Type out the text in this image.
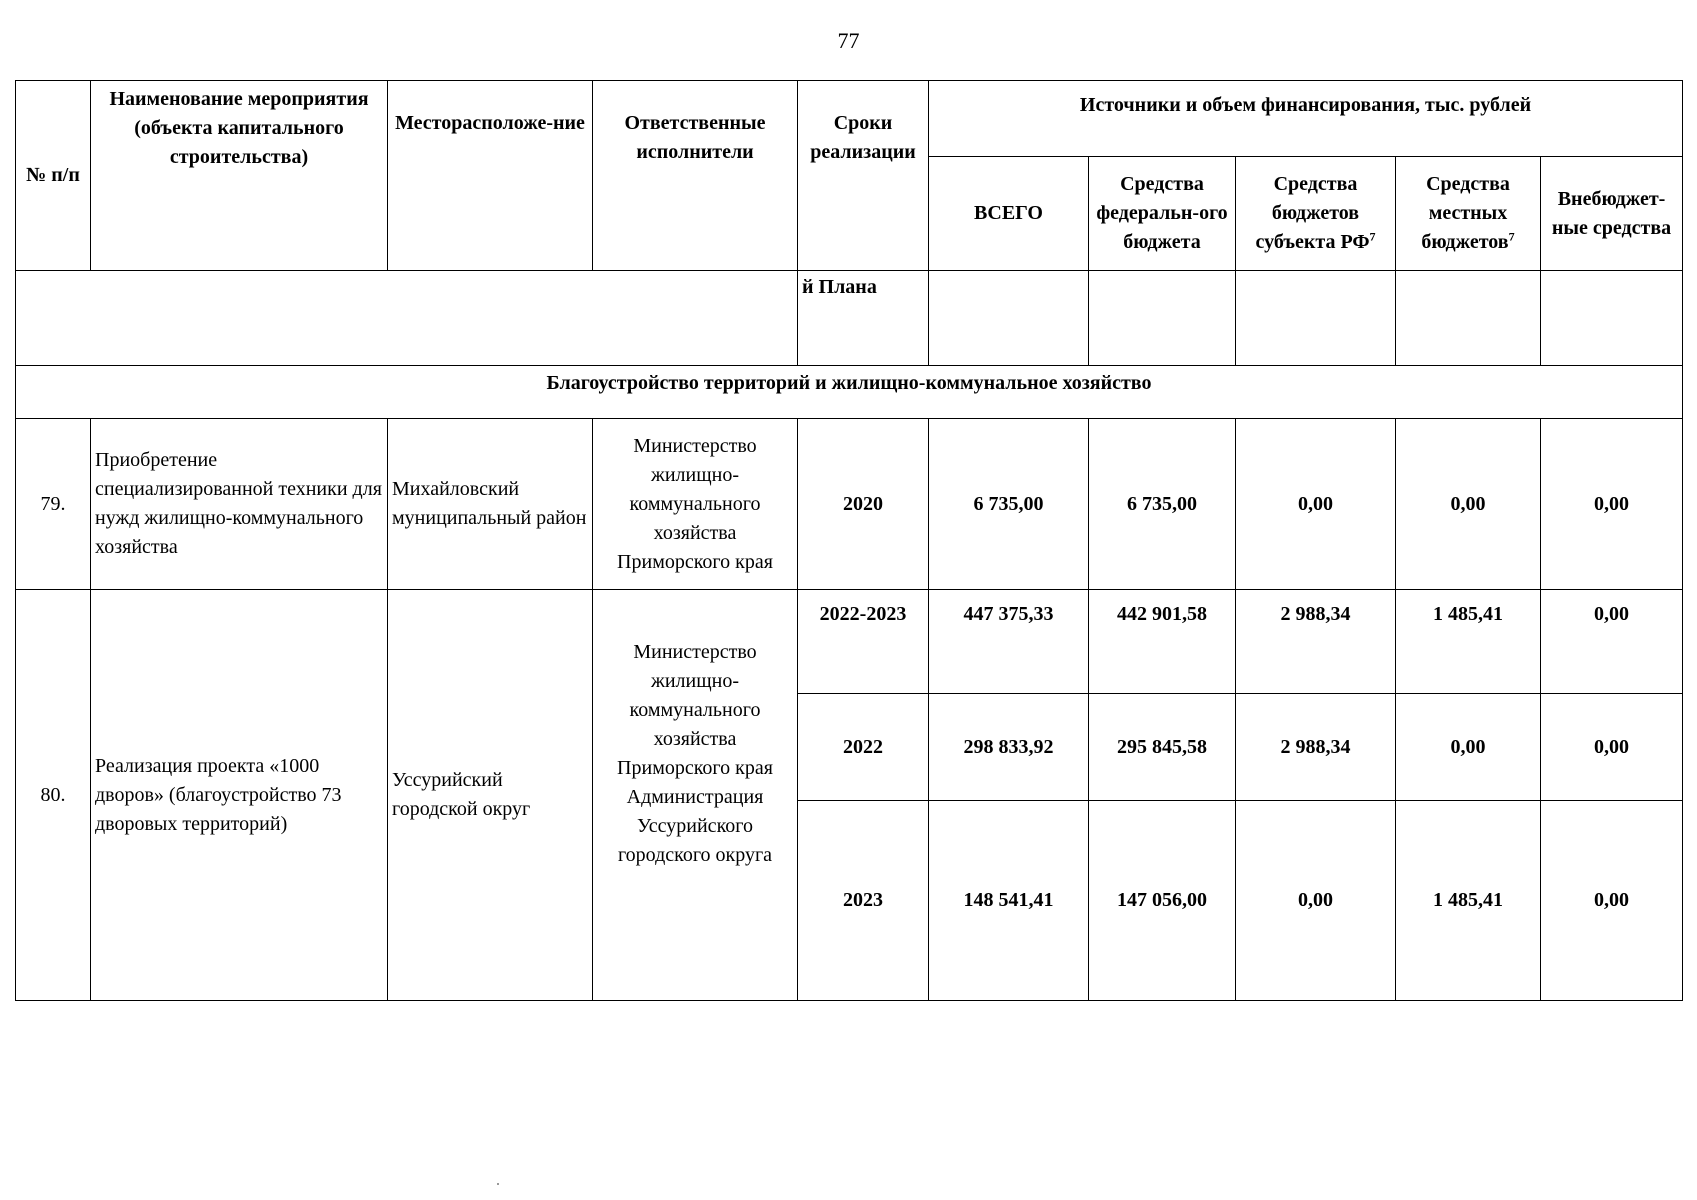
77
№ п/п	Наименование мероприятия (объекта капитального строительства)	Месторасположе-ние	Ответственные исполнители	Сроки реализации	Источники и объем финансирования, тыс. рублей				
					ВСЕГО	Средства федеральн-ого бюджета	Средства бюджетов субъекта $РФ^7$	Средства местных бюджетов$^7$	Внебюджет-ные средства
				й Плана					
Благоустройство территорий и жилищно-коммунальное хозяйство									
79.	Приобретение специализированной техники для нужд жилищно-коммунального хозяйства	Михайловский муниципальный район	Министерство жилищно-коммунального хозяйства Приморского края	2020	6 735,00	6 735,00	0,00	0,00	0,00
80.	Реализация проекта «1000 дворов» (благоустройство 73 дворовых территорий)	Уссурийский городской округ	Министерство жилищно-коммунального хозяйства Приморского края Администрация Уссурийского городского округа	2022-2023	447 375,33	442 901,58	2 988,34	1 485,41	0,00
				2022	298 833,92	295 845,58	2 988,34	0,00	0,00
				2023	148 541,41	147 056,00	0,00	1 485,41	0,00
